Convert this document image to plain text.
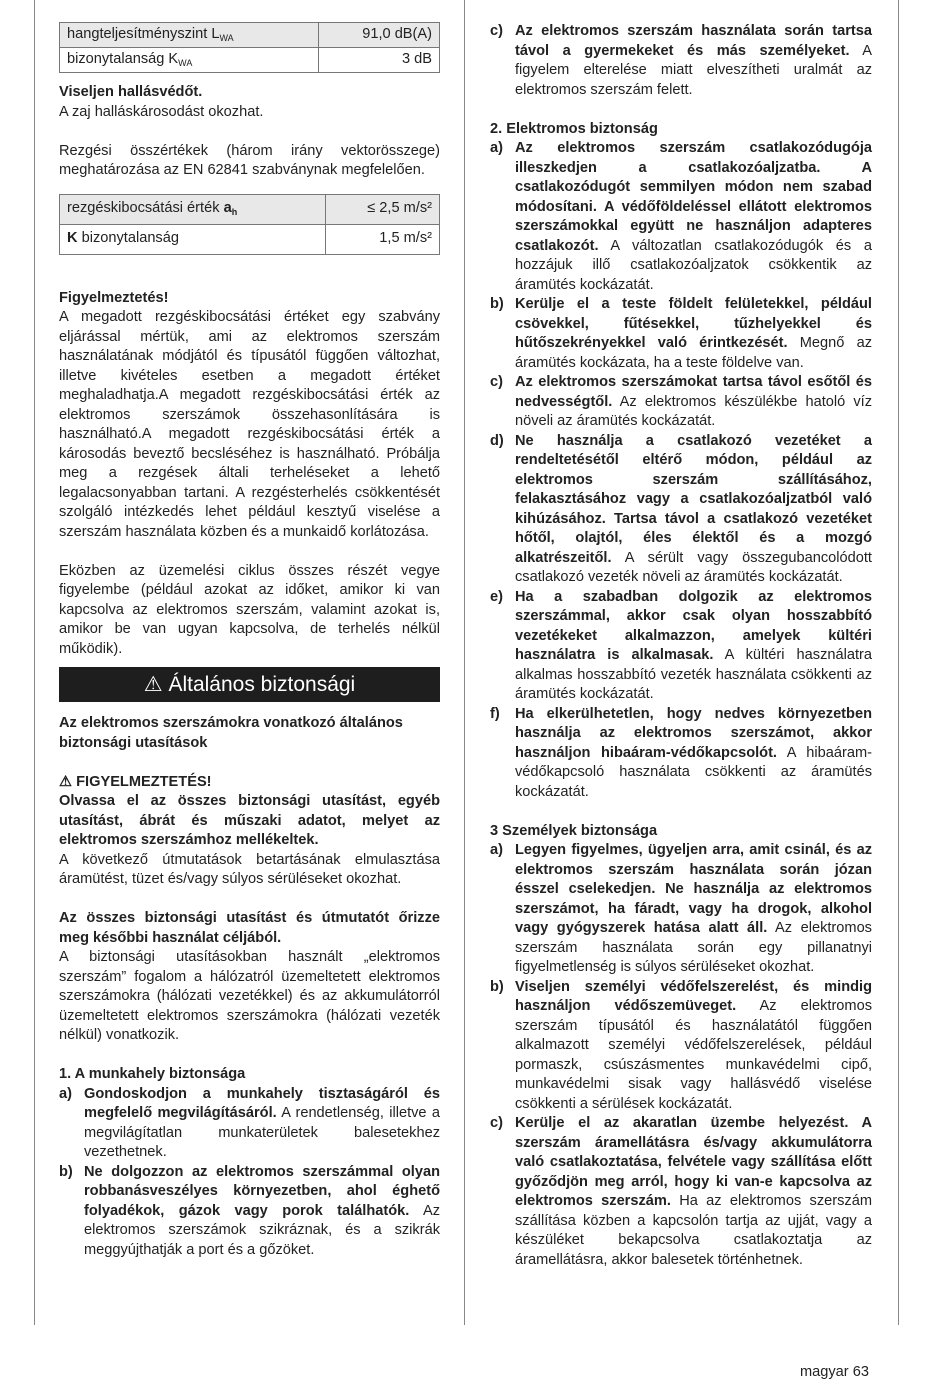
hangteljesítményszint $L_{WA}$	91,0 dB(A)
bizonytalanság $K_{WA}$	3 dB

Viseljen hallásvédőt.

A zaj halláskárosodást okozhat.

Rezgési összértékek (három irány vektorösszege) meghatározása az EN 62841 szabványnak megfelelően.

rezgéskibocsátási érték $a_h$	≤ 2,5 m/s²
K bizonytalanság	1,5 m/s²

Figyelmeztetés!

A megadott rezgéskibocsátási értéket egy szabvány eljárással mértük, ami az elektromos szerszám használatának módjától és típusától függően változhat, illetve kivételes esetben a megadott értéket meghaladhatja.A megadott rezgéskibocsátási érték az elektromos szerszámok összehasonlítására is használható.A megadott rezgéskibocsátási érték a károsodás beveztő becsléséhez is használható. Próbálja meg a rezgések általi terheléseket a lehető legalacsonyabban tartani. A rezgésterhelés csökkentését szolgáló intézkedés lehet például kesztyű viselése a szerszám használata közben és a munkaidő korlátozása.

Eközben az üzemelési ciklus összes részét vegye figyelembe (például azokat az időket, amikor ki van kapcsolva az elektromos szerszám, valamint azokat is, amikor be van ugyan kapcsolva, de terhelés nélkül működik).

⚠ Általános biztonsági

Az elektromos szerszámokra vonatkozó általános biztonsági utasítások

⚠ FIGYELMEZTETÉS!

Olvassa el az összes biztonsági utasítást, egyéb utasítást, ábrát és műszaki adatot, melyet az elektromos szerszámhoz mellékeltek.

A következő útmutatások betartásának elmulasztása áramütést, tüzet és/vagy súlyos sérüléseket okozhat.

Az összes biztonsági utasítást és útmutatót őrizze meg későbbi használat céljából.

A biztonsági utasításokban használt „elektromos szerszám” fogalom a hálózatról üzemeltetett elektromos szerszámokra (hálózati vezetékkel) és az akkumulátorról üzemeltetett elektromos szerszámokra (hálózati vezeték nélkül) vonatkozik.

1. A munkahely biztonsága

a) Gondoskodjon a munkahely tisztaságáról és megfelelő megvilágításáról. A rendetlenség, illetve a megvilágítatlan munkaterületek balesetekhez vezethetnek.
b) Ne dolgozzon az elektromos szerszámmal olyan robbanásveszélyes környezetben, ahol éghető folyadékok, gázok vagy porok találhatók. Az elektromos szerszámok szikráznak, és a szikrák meggyújthatják a port és a gőzöket.
c) Az elektromos szerszám használata során tartsa távol a gyermekeket és más személyeket. A figyelem elterelése miatt elveszítheti uralmát az elektromos szerszám felett.

2. Elektromos biztonság

a) Az elektromos szerszám csatlakozódugója illeszkedjen a csatlakozóaljzatba. A csatlakozódugót semmilyen módon nem szabad módosítani. A védőföldeléssel ellátott elektromos szerszámokkal együtt ne használjon adapteres csatlakozót. A változatlan csatlakozódugók és a hozzájuk illő csatlakozóaljzatok csökkentik az áramütés kockázatát.
b) Kerülje el a teste földelt felületekkel, például csövekkel, fűtésekkel, tűzhelyekkel és hűtőszekrényekkel való érintkezését. Megnő az áramütés kockázata, ha a teste földelve van.
c) Az elektromos szerszámokat tartsa távol esőtől és nedvességtől. Az elektromos készülékbe hatoló víz növeli az áramütés kockázatát.
d) Ne használja a csatlakozó vezetéket a rendeltetésétől eltérő módon, például az elektromos szerszám szállításához, felakasztásához vagy a csatlakozóaljzatból való kihúzásához. Tartsa távol a csatlakozó vezetéket hőtől, olajtól, éles élektől és a mozgó alkatrészeitől. A sérült vagy összegubancolódott csatlakozó vezeték növeli az áramütés kockázatát.
e) Ha a szabadban dolgozik az elektromos szerszámmal, akkor csak olyan hosszabbító vezetékeket alkalmazzon, amelyek kültéri használatra is alkalmasak. A kültéri használatra alkalmas hosszabbító vezeték használata csökkenti az áramütés kockázatát.
f)	Ha elkerülhetetlen, hogy nedves környezetben használja az elektromos szerszámot, akkor használjon hibaáram-védőkapcsolót. A hibaáram-védőkapcsoló használata csökkenti az áramütés kockázatát.

3 Személyek biztonsága

a) Legyen figyelmes, ügyeljen arra, amit csinál, és az elektromos szerszám használata során józan ésszel cselekedjen. Ne használja az elektromos szerszámot, ha fáradt, vagy ha drogok, alkohol vagy gyógyszerek hatása alatt áll. Az elektromos szerszám használata során egy pillanatnyi figyelmetlenség is súlyos sérüléseket okozhat.
b) Viseljen személyi védőfelszerelést, és mindig használjon védőszemüveget. Az elektromos szerszám típusától és használatától függően alkalmazott személyi védőfelszerelések, például pormaszk, csúszásmentes munkavédelmi cipő, munkavédelmi sisak vagy hallásvédő viselése csökkenti a sérülések kockázatát.
c) Kerülje el az akaratlan üzembe helyezést. A szerszám áramellátásra és/vagy akkumulátorra való csatlakoztatása, felvétele vagy szállítása előtt győződjön meg arról, hogy ki van-e kapcsolva az elektromos szerszám. Ha az elektromos szerszám szállítása közben a kapcsolón tartja az ujját, vagy a készüléket bekapcsolva csatlakoztatja az áramellátásra, akkor balesetek történhetnek.
magyar 63
